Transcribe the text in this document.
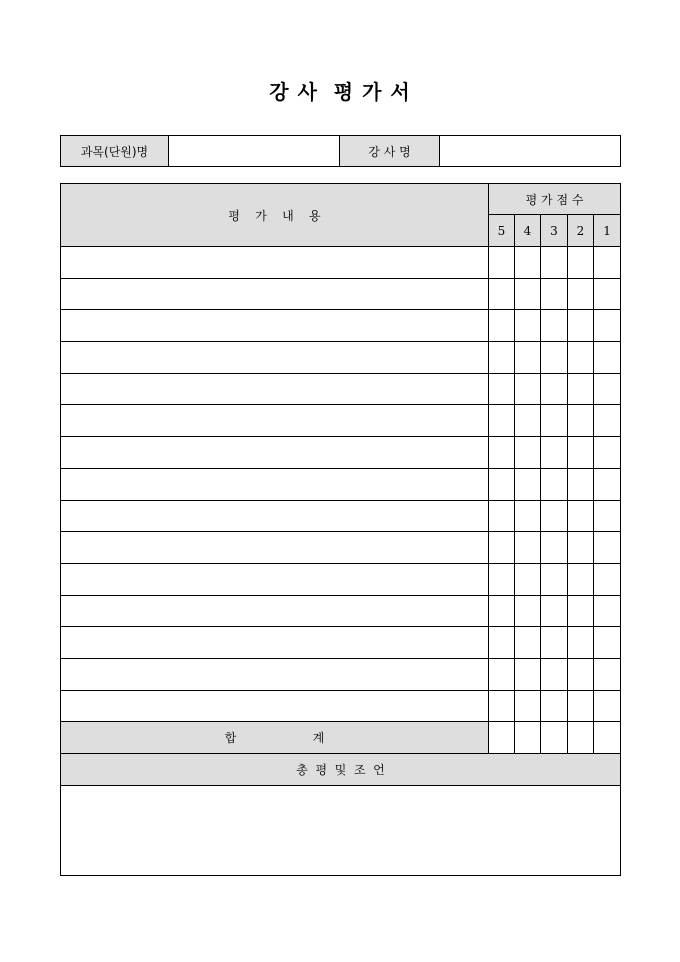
강 사  평 가 서
과목(단원)명		강 사 명	
평    가    내    용	평 가 점 수				
	5	4	3	2	1

합                    계					
총  평  및  조  언					
